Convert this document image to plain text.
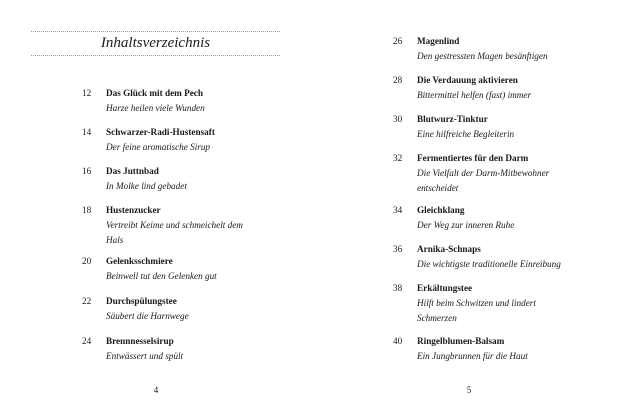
Inhaltsverzeichnis
12	Das Glück mit dem Pech
Harze heilen viele Wunden
14	Schwarzer-Radi-Hustensaft
Der feine aromatische Sirup
16	Das Juttnbad
In Molke lind gebadet
18	Hustenzucker
Vertreibt Keime und schmeichelt dem Hals
20	Gelenksschmiere
Beinwell tut den Gelenken gut
22	Durchspülungstee
Säubert die Harnwege
24	Brennnesselsirup
Entwässert und spült
4
26	Magenlind
Den gestressten Magen besänftigen
28	Die Verdauung aktivieren
Bittermittel helfen (fast) immer
30	Blutwurz-Tinktur
Eine hilfreiche Begleiterin
32	Fermentiertes für den Darm
Die Vielfalt der Darm-Mitbewohner entscheidet
34	Gleichklang
Der Weg zur inneren Ruhe
36	Arnika-Schnaps
Die wichtigste traditionelle Einreibung
38	Erkältungstee
Hilft beim Schwitzen und lindert Schmerzen
40	Ringelblumen-Balsam
Ein Jungbrunnen für die Haut
5
